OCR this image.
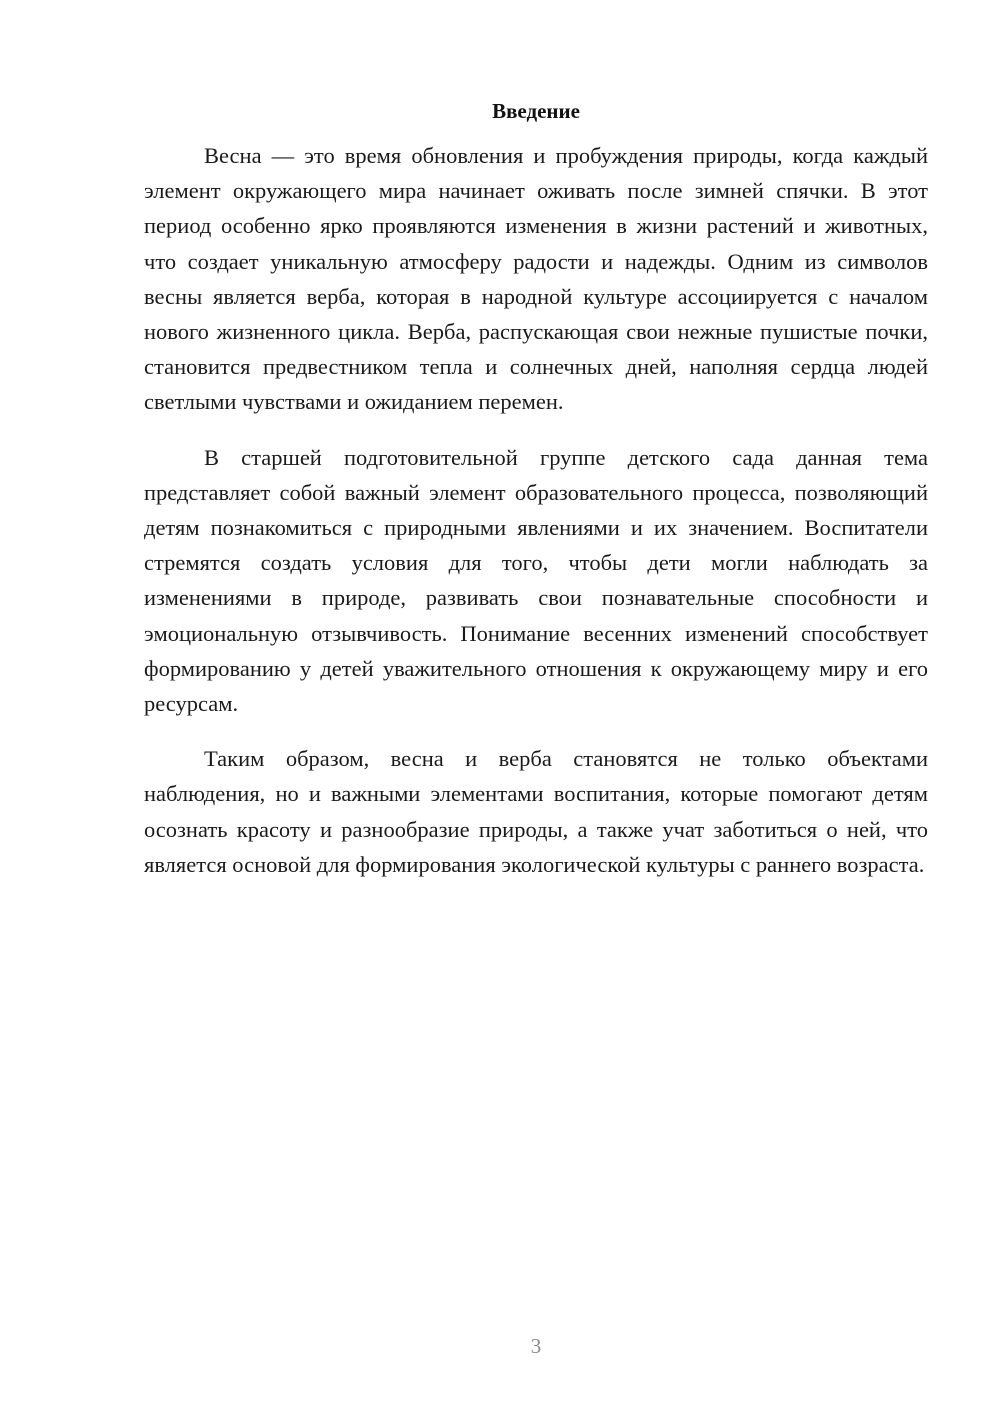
Введение

Весна — это время обновления и пробуждения природы, когда каждый элемент окружающего мира начинает оживать после зимней спячки. В этот период особенно ярко проявляются изменения в жизни растений и животных, что создает уникальную атмосферу радости и надежды. Одним из символов весны является верба, которая в народной культуре ассоциируется с началом нового жизненного цикла. Верба, распускающая свои нежные пушистые почки, становится предвестником тепла и солнечных дней, наполняя сердца людей светлыми чувствами и ожиданием перемен.

В старшей подготовительной группе детского сада данная тема представляет собой важный элемент образовательного процесса, позволяющий детям познакомиться с природными явлениями и их значением. Воспитатели стремятся создать условия для того, чтобы дети могли наблюдать за изменениями в природе, развивать свои познавательные способности и эмоциональную отзывчивость. Понимание весенних изменений способствует формированию у детей уважительного отношения к окружающему миру и его ресурсам.

Таким образом, весна и верба становятся не только объектами наблюдения, но и важными элементами воспитания, которые помогают детям осознать красоту и разнообразие природы, а также учат заботиться о ней, что является основой для формирования экологической культуры с раннего возраста.

3
